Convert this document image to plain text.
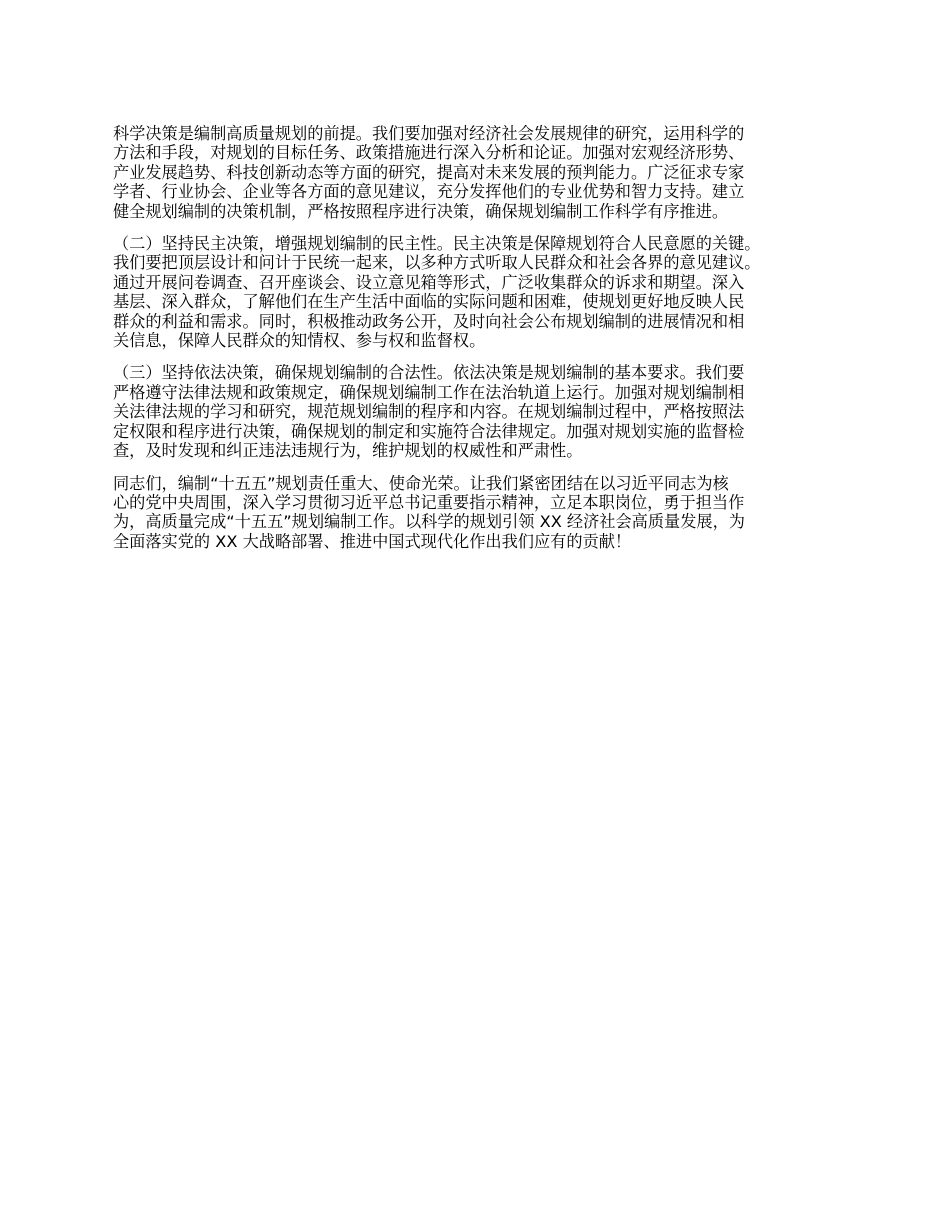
科学决策是编制高质量规划的前提。我们要加强对经济社会发展规律的研究，运用科学的
方法和手段，对规划的目标任务、政策措施进行深入分析和论证。加强对宏观经济形势、
产业发展趋势、科技创新动态等方面的研究，提高对未来发展的预判能力。广泛征求专家
学者、行业协会、企业等各方面的意见建议，充分发挥他们的专业优势和智力支持。建立
健全规划编制的决策机制，严格按照程序进行决策，确保规划编制工作科学有序推进。

（二）坚持民主决策，增强规划编制的民主性。民主决策是保障规划符合人民意愿的关键。
我们要把顶层设计和问计于民统一起来，以多种方式听取人民群众和社会各界的意见建议。
通过开展问卷调查、召开座谈会、设立意见箱等形式，广泛收集群众的诉求和期望。深入
基层、深入群众，了解他们在生产生活中面临的实际问题和困难，使规划更好地反映人民
群众的利益和需求。同时，积极推动政务公开，及时向社会公布规划编制的进展情况和相
关信息，保障人民群众的知情权、参与权和监督权。

（三）坚持依法决策，确保规划编制的合法性。依法决策是规划编制的基本要求。我们要
严格遵守法律法规和政策规定，确保规划编制工作在法治轨道上运行。加强对规划编制相
关法律法规的学习和研究，规范规划编制的程序和内容。在规划编制过程中，严格按照法
定权限和程序进行决策，确保规划的制定和实施符合法律规定。加强对规划实施的监督检
查，及时发现和纠正违法违规行为，维护规划的权威性和严肃性。

同志们，编制“十五五”规划责任重大、使命光荣。让我们紧密团结在以习近平同志为核
心的党中央周围，深入学习贯彻习近平总书记重要指示精神，立足本职岗位，勇于担当作
为，高质量完成“十五五”规划编制工作。以科学的规划引领 XX 经济社会高质量发展，为
全面落实党的 XX 大战略部署、推进中国式现代化作出我们应有的贡献！
